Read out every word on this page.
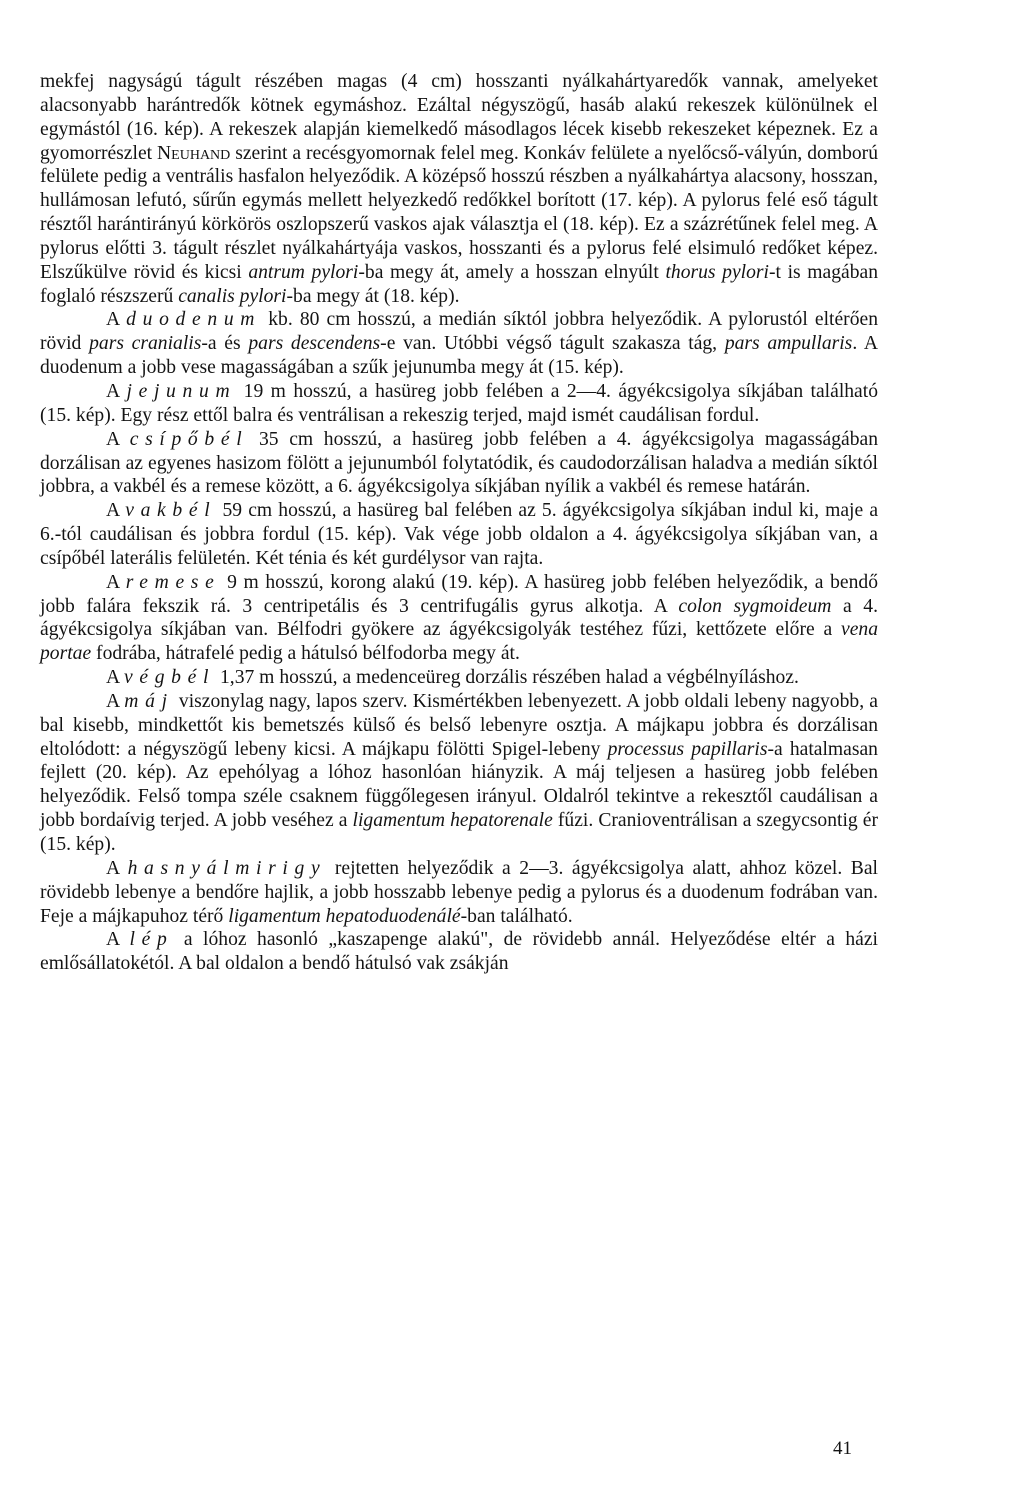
mekfej nagyságú tágult részében magas (4 cm) hosszanti nyálkahártyaredők vannak, amelyeket alacsonyabb harántredők kötnek egymáshoz. Ezáltal négyszögű, hasáb alakú rekeszek különülnek el egymástól (16. kép). A rekeszek alapján kiemelkedő másodlagos lécek kisebb rekeszeket képeznek. Ez a gyomorrészlet Neuhand szerint a recésgyomornak felel meg. Konkáv felülete a nyelőcső-vályún, domború felülete pedig a ventrális hasfalon helyeződik. A középső hosszú részben a nyálkahártya alacsony, hosszan, hullámosan lefutó, sűrűn egymás mellett helyezkedő redőkkel borított (17. kép). A pylorus felé eső tágult résztől harántirányú körkörös oszlopszerű vaskos ajak választja el (18. kép). Ez a százrétűnek felel meg. A pylorus előtti 3. tágult részlet nyálkahártyája vaskos, hosszanti és a pylorus felé elsimuló redőket képez. Elszűkülve rövid és kicsi antrum pylori-ba megy át, amely a hosszan elnyúlt thorus pylori-t is magában foglaló részszerű canalis pylori-ba megy át (18. kép).

A duodenum kb. 80 cm hosszú, a medián síktól jobbra helyeződik. A pylorustól eltérően rövid pars cranialis-a és pars descendens-e van. Utóbbi végső tágult szakasza tág, pars ampullaris. A duodenum a jobb vese magasságában a szűk jejunumba megy át (15. kép).

A jejunum 19 m hosszú, a hasüreg jobb felében a 2—4. ágyékcsigolya síkjában található (15. kép). Egy rész ettől balra és ventrálisan a rekeszig terjed, majd ismét caudálisan fordul.

A csípőbél 35 cm hosszú, a hasüreg jobb felében a 4. ágyékcsigolya magasságában dorzálisan az egyenes hasizom fölött a jejunumból folytatódik, és caudodorzálisan haladva a medián síktól jobbra, a vakbél és a remese között, a 6. ágyékcsigolya síkjában nyílik a vakbél és remese határán.

A vakbél 59 cm hosszú, a hasüreg bal felében az 5. ágyékcsigolya síkjában indul ki, maje a 6.-tól caudálisan és jobbra fordul (15. kép). Vak vége jobb oldalon a 4. ágyékcsigolya síkjában van, a csípőbél laterális felületén. Két ténia és két gurdélysor van rajta.

A remese 9 m hosszú, korong alakú (19. kép). A hasüreg jobb felében helyeződik, a bendő jobb falára fekszik rá. 3 centripetális és 3 centrifugális gyrus alkotja. A colon sygmoideum a 4. ágyékcsigolya síkjában van. Bélfodri gyökere az ágyékcsigolyák testéhez fűzi, kettőzete előre a vena portae fodrába, hátrafelé pedig a hátulsó bélfodorba megy át.

A végbél 1,37 m hosszú, a medenceüreg dorzális részében halad a végbélnyíláshoz.

A máj viszonylag nagy, lapos szerv. Kismértékben lebenyezett. A jobb oldali lebeny nagyobb, a bal kisebb, mindkettőt kis bemetszés külső és belső lebenyre osztja. A májkapu jobbra és dorzálisan eltolódott: a négyszögű lebeny kicsi. A májkapu fölötti Spigel-lebeny processus papillaris-a hatalmasan fejlett (20. kép). Az epehólyag a lóhoz hasonlóan hiányzik. A máj teljesen a hasüreg jobb felében helyeződik. Felső tompa széle csaknem függőlegesen irányul. Oldalról tekintve a rekesztől caudálisan a jobb bordaívig terjed. A jobb veséhez a ligamentum hepatorenale fűzi. Cranioventrálisan a szegycsontig ér (15. kép).

A hasnyálmirigy rejtetten helyeződik a 2—3. ágyékcsigolya alatt, ahhoz közel. Bal rövidebb lebenye a bendőre hajlik, a jobb hosszabb lebenye pedig a pylorus és a duodenum fodrában van. Feje a májkapuhoz térő ligamentum hepatoduodenálé-ban található.

A lép a lóhoz hasonló „kaszapenge alakú", de rövidebb annál. Helyeződése eltér a házi emlősállatokétól. A bal oldalon a bendő hátulsó vak zsákján

41
